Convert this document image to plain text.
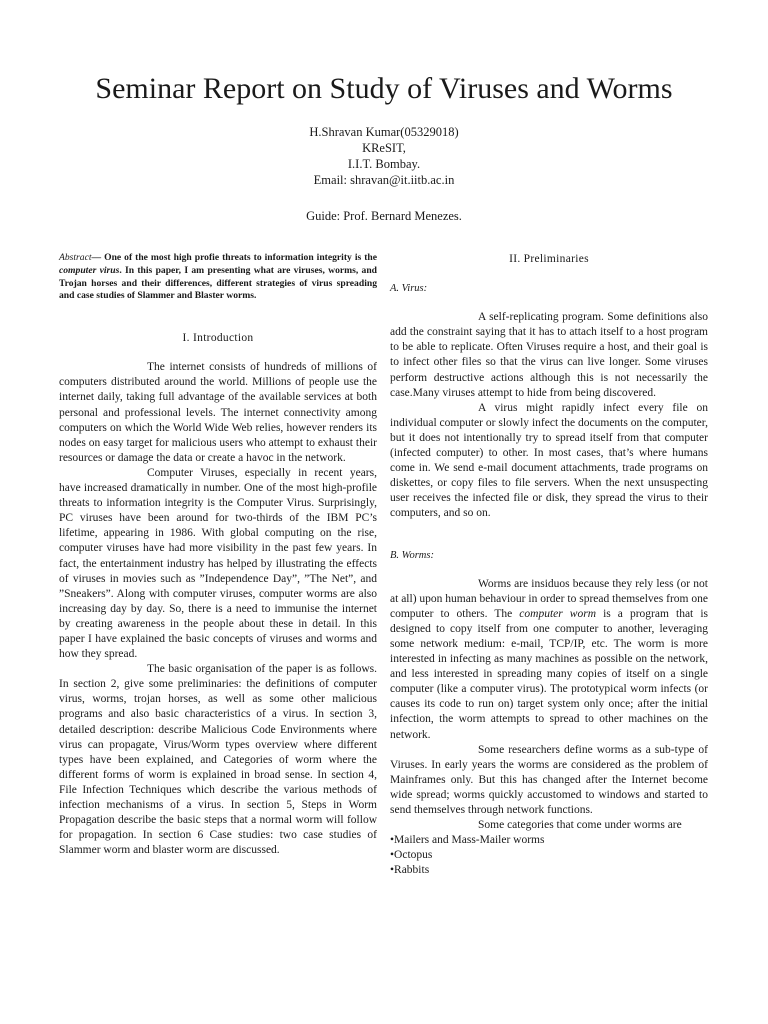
Seminar Report on Study of Viruses and Worms
H.Shravan Kumar(05329018)
KReSIT,
I.I.T. Bombay.
Email: shravan@it.iitb.ac.in
Guide: Prof. Bernard Menezes.

Abstract— One of the most high profie threats to information integrity is the computer virus. In this paper, I am presenting what are viruses, worms, and Trojan horses and their differences, different strategies of virus spreading and case studies of Slammer and Blaster worms.

I. Introduction

The internet consists of hundreds of millions of computers distributed around the world. Millions of people use the internet daily, taking full advantage of the available services at both personal and professional levels. The internet connectivity among computers on which the World Wide Web relies, however renders its nodes on easy target for malicious users who attempt to exhaust their resources or damage the data or create a havoc in the network.

Computer Viruses, especially in recent years, have increased dramatically in number. One of the most high-profile threats to information integrity is the Computer Virus. Surprisingly, PC viruses have been around for two-thirds of the IBM PC’s lifetime, appearing in 1986. With global computing on the rise, computer viruses have had more visibility in the past few years. In fact, the entertainment industry has helped by illustrating the effects of viruses in movies such as ”Independence Day”, ”The Net”, and ”Sneakers”. Along with computer viruses, computer worms are also increasing day by day. So, there is a need to immunise the internet by creating awareness in the people about these in detail. In this paper I have explained the basic concepts of viruses and worms and how they spread.

The basic organisation of the paper is as follows. In section 2, give some preliminaries: the definitions of computer virus, worms, trojan horses, as well as some other malicious programs and also basic characteristics of a virus. In section 3, detailed description: describe Malicious Code Environments where virus can propagate, Virus/Worm types overview where different types have been explained, and Categories of worm where the different forms of worm is explained in broad sense. In section 4, File Infection Techniques which describe the various methods of infection mechanisms of a virus. In section 5, Steps in Worm Propagation describe the basic steps that a normal worm will follow for propagation. In section 6 Case studies: two case studies of Slammer worm and blaster worm are discussed.

II. Preliminaries

A. Virus:

A self-replicating program. Some definitions also add the constraint saying that it has to attach itself to a host program to be able to replicate. Often Viruses require a host, and their goal is to infect other files so that the virus can live longer. Some viruses perform destructive actions although this is not necessarily the case.Many viruses attempt to hide from being discovered.

A virus might rapidly infect every file on individual computer or slowly infect the documents on the computer, but it does not intentionally try to spread itself from that computer (infected computer) to other. In most cases, that’s where humans come in. We send e-mail document attachments, trade programs on diskettes, or copy files to file servers. When the next unsuspecting user receives the infected file or disk, they spread the virus to their computers, and so on.

B. Worms:

Worms are insiduos because they rely less (or not at all) upon human behaviour in order to spread themselves from one computer to others. The computer worm is a program that is designed to copy itself from one computer to another, leveraging some network medium: e-mail, TCP/IP, etc. The worm is more interested in infecting as many machines as possible on the network, and less interested in spreading many copies of itself on a single computer (like a computer virus). The prototypical worm infects (or causes its code to run on) target system only once; after the initial infection, the worm attempts to spread to other machines on the network.

Some researchers define worms as a sub-type of Viruses. In early years the worms are considered as the problem of Mainframes only. But this has changed after the Internet become wide spread; worms quickly accustomed to windows and started to send themselves through network functions.

Some categories that come under worms are

• Mailers and Mass-Mailer worms

• Octopus

• Rabbits
